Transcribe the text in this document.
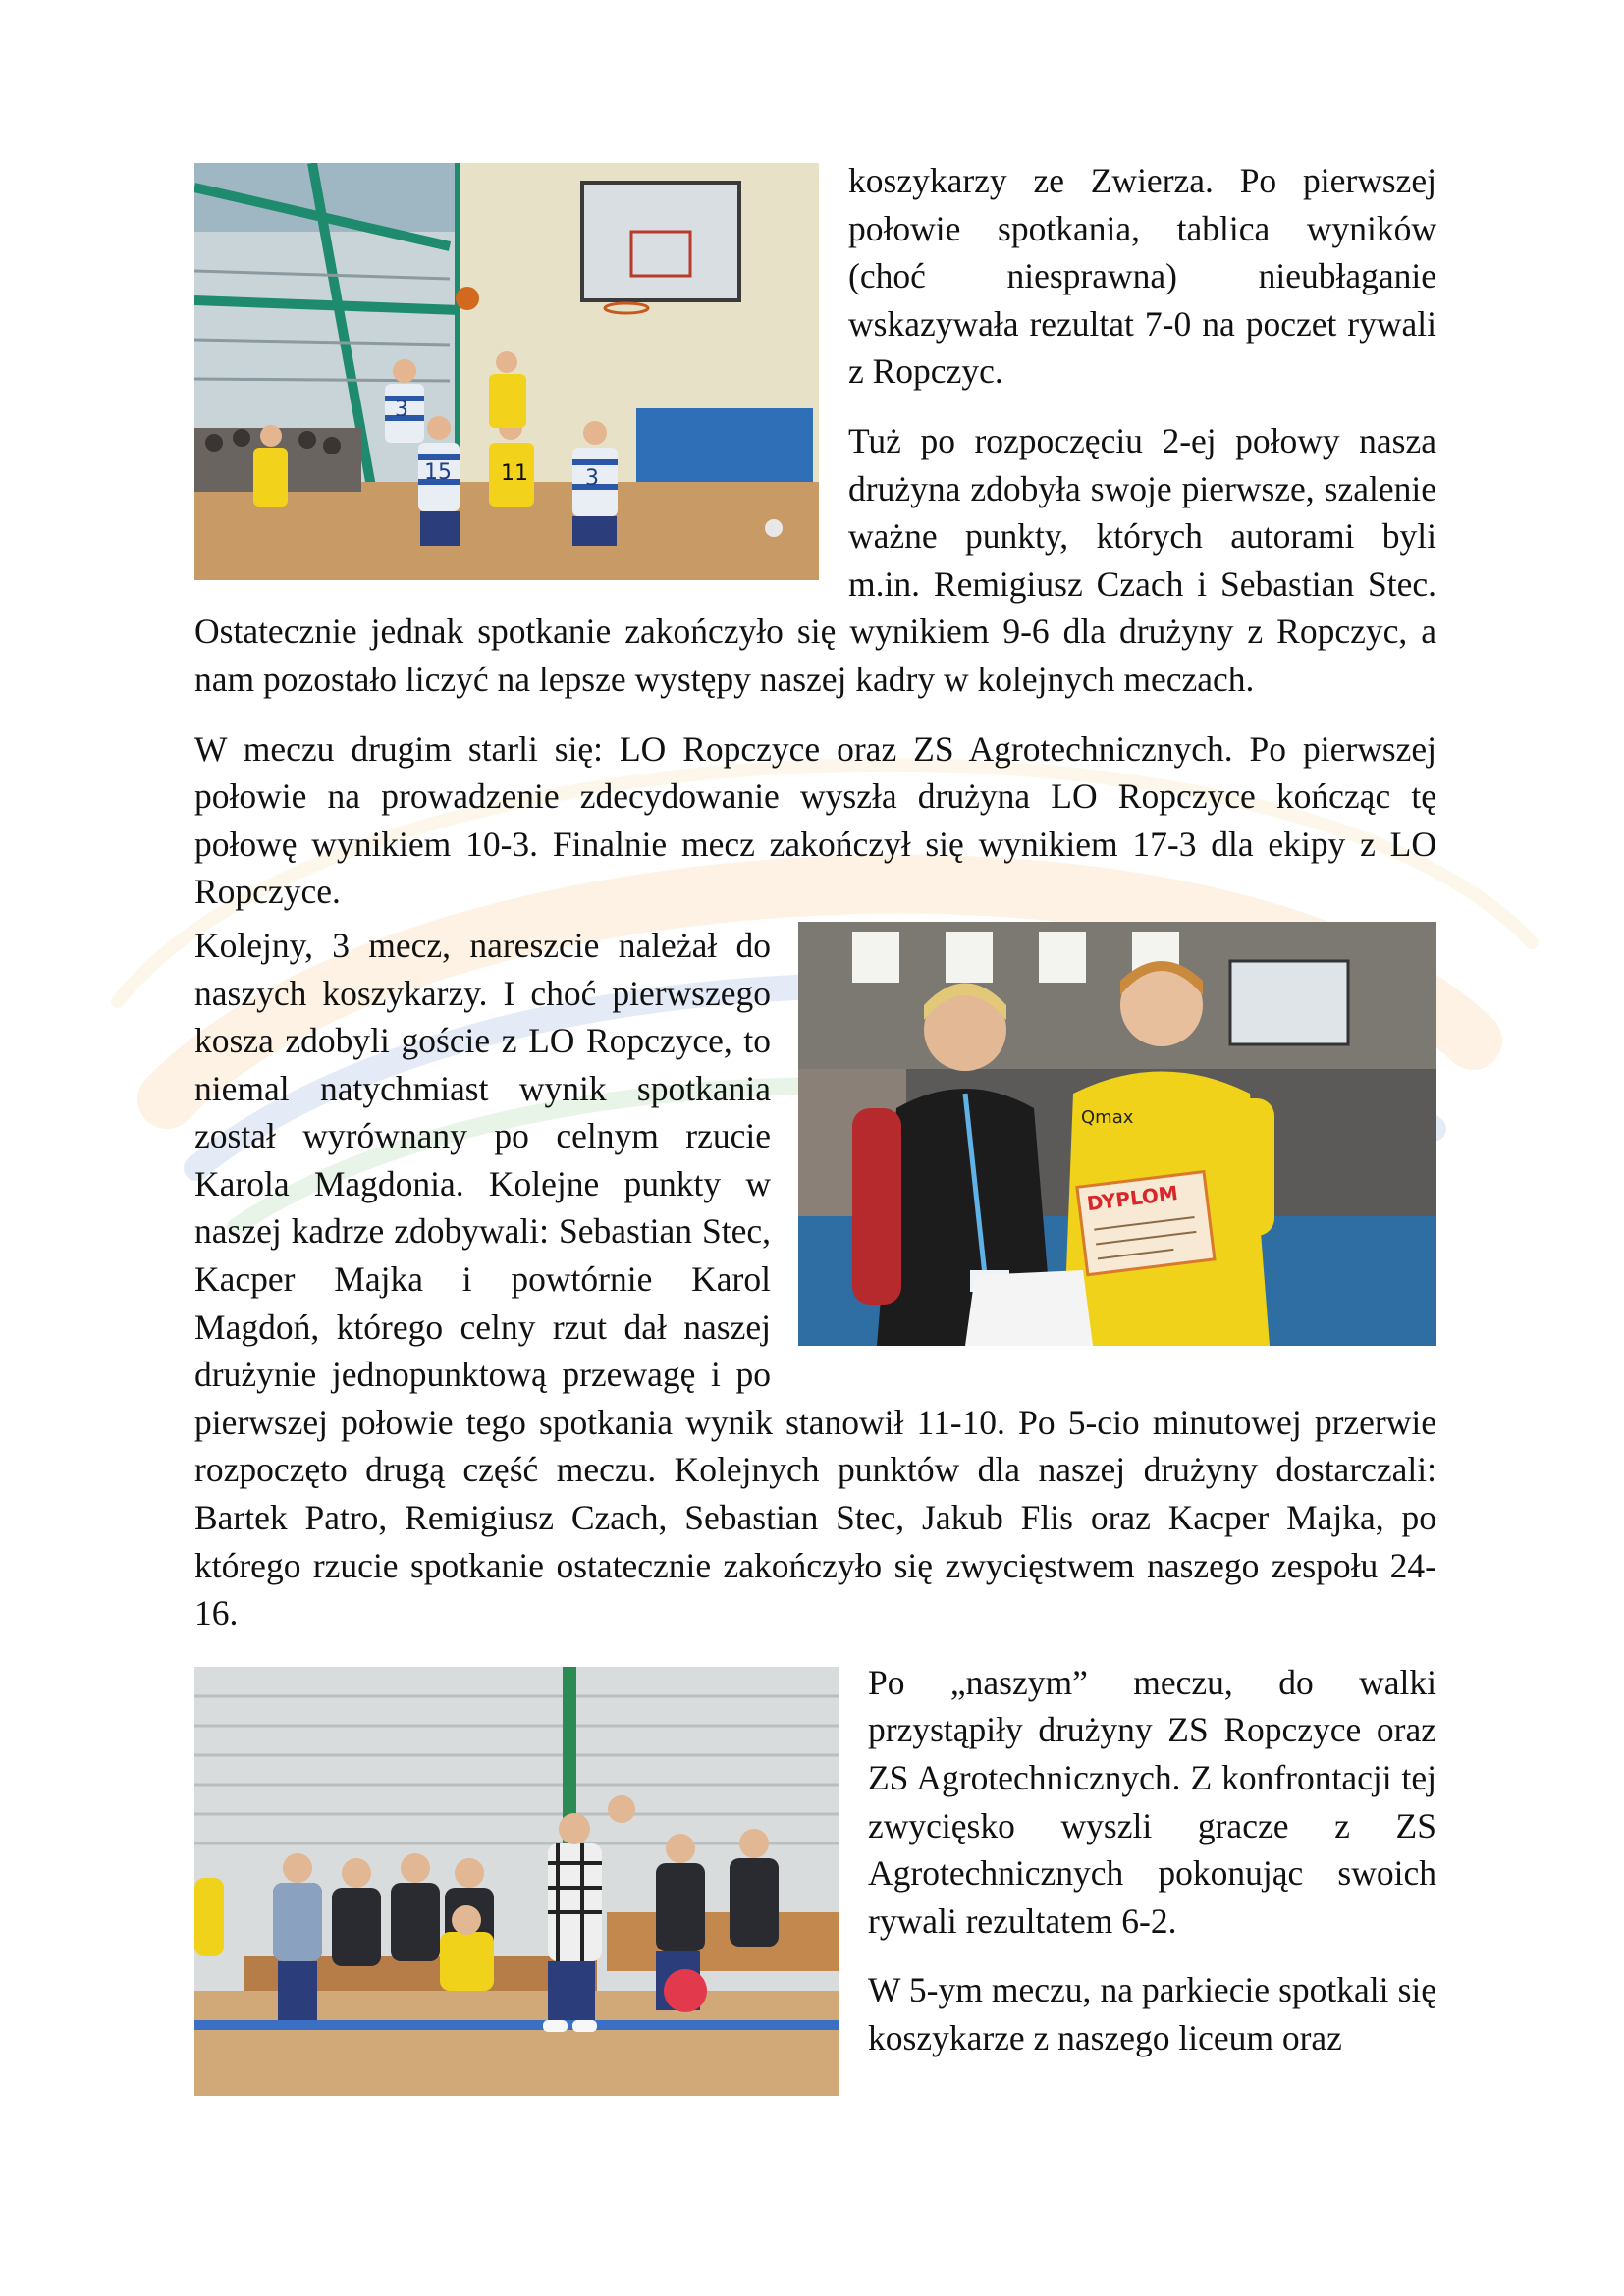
3
15 11	3

koszykarzy ze Zwierza. Po pierwszej połowie spotkania, tablica wyników (choć niesprawna) nieubłaganie wskazywała rezultat 7-0 na poczet rywali z Ropczyc.

Tuż po rozpoczęciu 2-ej połowy nasza drużyna zdobyła swoje pierwsze, szalenie ważne punkty, których autorami byli m.in. Remigiusz Czach i Sebastian Stec. Ostatecznie jednak spotkanie zakończyło się wynikiem 9-6 dla drużyny z Ropczyc, a nam pozostało liczyć na lepsze występy naszej kadry w kolejnych meczach.

W meczu drugim starli się: LO Ropczyce oraz ZS Agrotechnicznych. Po pierwszej połowie na prowadzenie zdecydowanie wyszła drużyna LO Ropczyce kończąc tę połowę wynikiem 10-3. Finalnie mecz zakończył się wynikiem 17-3 dla ekipy z LO Ropczyce.

Qmax
DYPLOM

Kolejny, 3 mecz, nareszcie należał do naszych koszykarzy. I choć pierwszego kosza zdobyli goście z LO Ropczyce, to niemal natychmiast wynik spotkania został wyrównany po celnym rzucie Karola Magdonia. Kolejne punkty w naszej kadrze zdobywali: Sebastian Stec, Kacper Majka i powtórnie Karol Magdoń, którego celny rzut dał naszej drużynie jednopunktową przewagę i po pierwszej połowie tego spotkania wynik stanowił 11-10. Po 5-cio minutowej przerwie rozpoczęto drugą część meczu. Kolejnych punktów dla naszej drużyny dostarczali: Bartek Patro, Remigiusz Czach, Sebastian Stec, Jakub Flis oraz Kacper Majka, po którego rzucie spotkanie ostatecznie zakończyło się zwycięstwem naszego zespołu 24-16.

Po „naszym” meczu, do walki przystąpiły drużyny ZS Ropczyce oraz ZS Agrotechnicznych. Z konfrontacji tej zwycięsko wyszli gracze z ZS Agrotechnicznych pokonując swoich rywali rezultatem 6-2.

W 5-ym meczu, na parkiecie spotkali się koszykarze z naszego liceum oraz
